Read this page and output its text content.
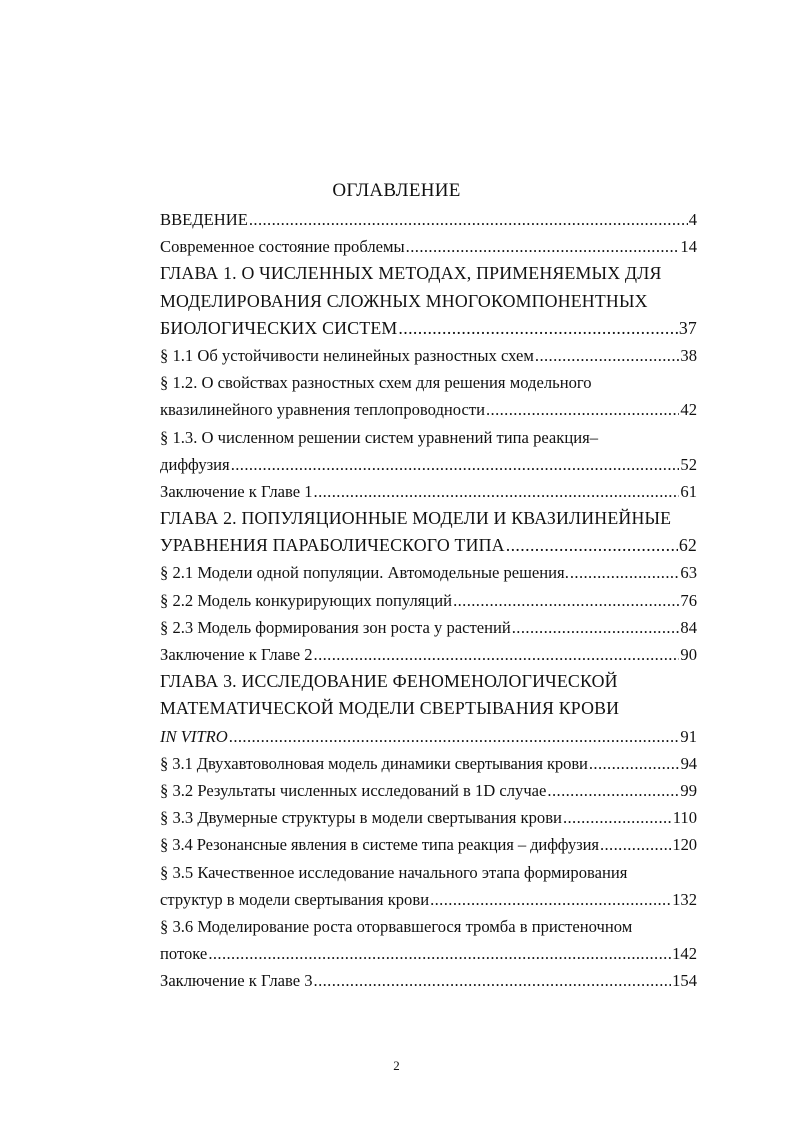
ОГЛАВЛЕНИЕ
ВВЕДЕНИЕ .....	4
Современное состояние проблемы .....	14
ГЛАВА 1. О ЧИСЛЕННЫХ МЕТОДАХ, ПРИМЕНЯЕМЫХ ДЛЯ
МОДЕЛИРОВАНИЯ СЛОЖНЫХ МНОГОКОМПОНЕНТНЫХ
БИОЛОГИЧЕСКИХ СИСТЕМ .....	37
§ 1.1 Об устойчивости нелинейных разностных схем .....	38
§ 1.2. О свойствах разностных схем для решения модельного
квазилинейного уравнения теплопроводности .....	42
§ 1.3. О численном решении систем уравнений типа реакция–
диффузия .....	52
Заключение к Главе 1 .....	61
ГЛАВА 2. ПОПУЛЯЦИОННЫЕ МОДЕЛИ И КВАЗИЛИНЕЙНЫЕ
УРАВНЕНИЯ ПАРАБОЛИЧЕСКОГО ТИПА .....	62
§ 2.1 Модели одной популяции. Автомодельные решения. .....	63
§ 2.2 Модель конкурирующих популяций .....	76
§ 2.3 Модель формирования зон роста у растений .....	84
Заключение к Главе 2 .....	90
ГЛАВА 3. ИССЛЕДОВАНИЕ ФЕНОМЕНОЛОГИЧЕСКОЙ
МАТЕМАТИЧЕСКОЙ МОДЕЛИ СВЕРТЫВАНИЯ КРОВИ
IN VITRO .....	91
§ 3.1 Двухавтоволновая модель динамики свертывания крови .....	94
§ 3.2 Результаты численных исследований в 1D случае .....	99
§ 3.3 Двумерные структуры в модели свертывания крови .....	110
§ 3.4 Резонансные явления в системе типа реакция – диффузия .....	120
§ 3.5 Качественное исследование начального этапа формирования
структур в модели свертывания крови .....	132
§ 3.6 Моделирование роста оторвавшегося тромба в пристеночном
потоке .....	142
Заключение к Главе 3 .....	154
2
